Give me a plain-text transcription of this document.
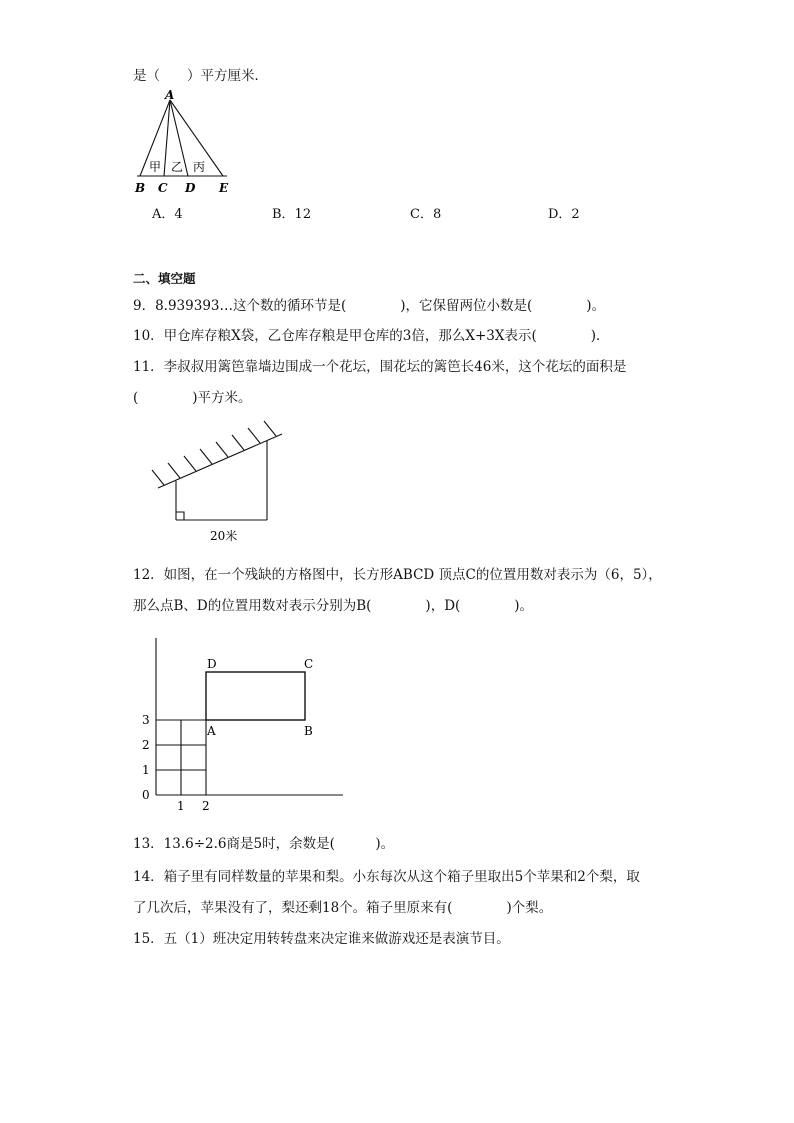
是（　　）平方厘米．
A
B C D E
甲 乙 丙
A．4	B．12	C．8	D．2
二、填空题
9．8.939393…这个数的循环节是(　　　　)，它保留两位小数是(　　　　)。
10．甲仓库存粮X袋，乙仓库存粮是甲仓库的3倍，那么X+3X表示(　　　　)．
11．李叔叔用篱笆靠墙边围成一个花坛，围花坛的篱笆长46米，这个花坛的面积是
(　　　　)平方米。
20米
12．如图，在一个残缺的方格图中，长方形ABCD 顶点C的位置用数对表示为（6，5），
那么点B、D的位置用数对表示分别为B(　　　　)，D(　　　　)。
3
2
1
0
1 2
D	C
A	B
13．13.6÷2.6商是5时，余数是(　　　)。
14．箱子里有同样数量的苹果和梨。小东每次从这个箱子里取出5个苹果和2个梨，取
了几次后，苹果没有了，梨还剩18个。箱子里原来有(　　　　)个梨。
15．五（1）班决定用转转盘来决定谁来做游戏还是表演节目。
